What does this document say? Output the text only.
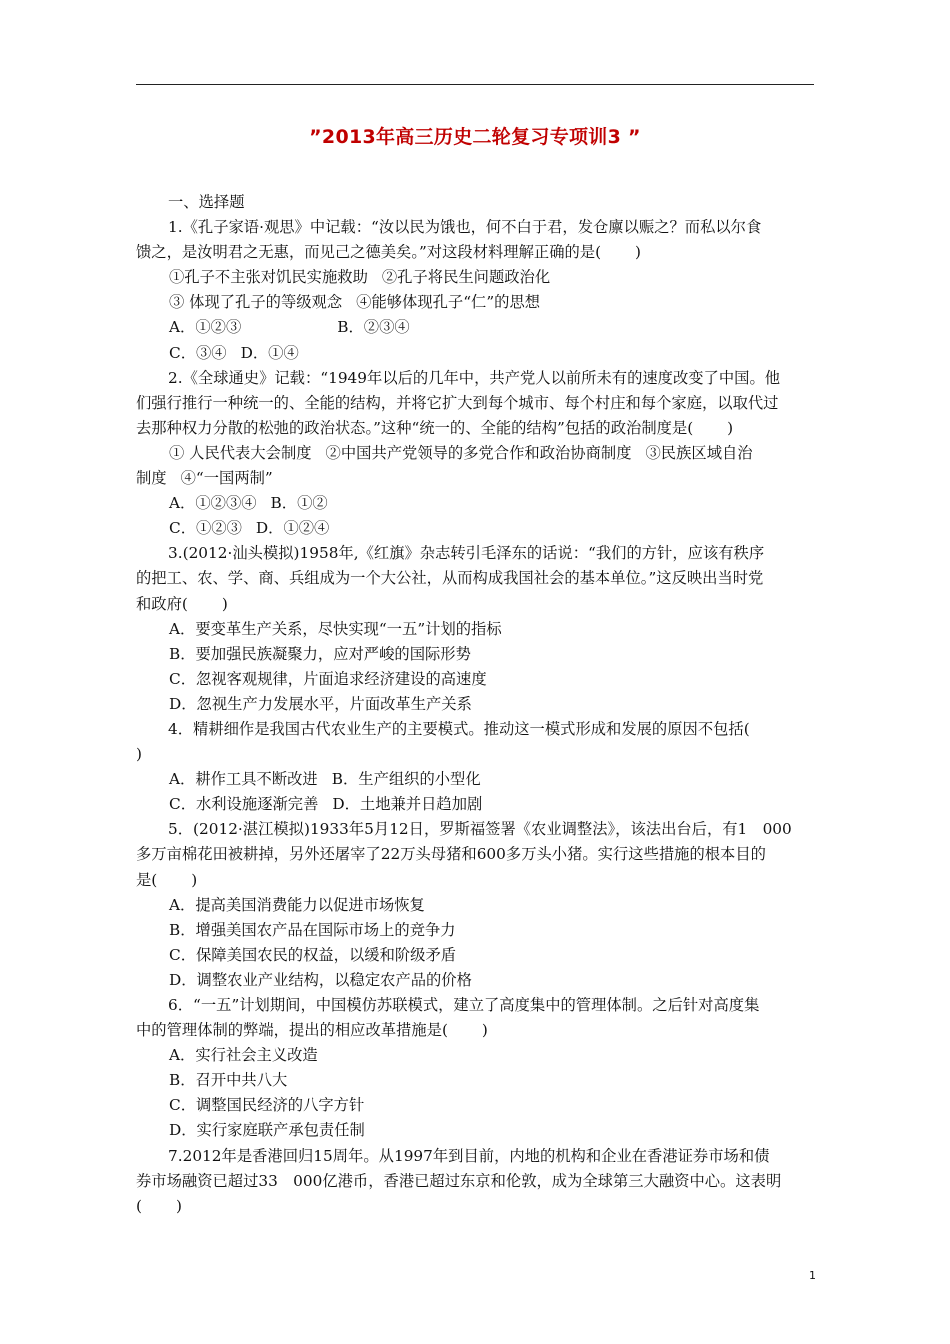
”2013年高三历史二轮复习专项训3 ”

一、选择题

1.《孔子家语·观思》中记载：“汝以民为饿也，何不白于君，发仓廪以赈之？而私以尔食

馈之，是汝明君之无惠，而见己之德美矣。”对这段材料理解正确的是( )

①孔子不主张对饥民实施救助 ②孔子将民生问题政治化

③ 体现了孔子的等级观念 ④能够体现孔子“仁”的思想

A．①②③	B．②③④

C．③④ D．①④

2.《全球通史》记载：“1949年以后的几年中，共产党人以前所未有的速度改变了中国。他

们强行推行一种统一的、全能的结构，并将它扩大到每个城市、每个村庄和每个家庭，以取代过

去那种权力分散的松弛的政治状态。”这种“统一的、全能的结构”包括的政治制度是( )

① 人民代表大会制度 ②中国共产党领导的多党合作和政治协商制度 ③民族区域自治

制度 ④“一国两制”

A．①②③④ B．①②

C．①②③ D．①②④

3.(2012·汕头模拟)1958年,《红旗》杂志转引毛泽东的话说：“我们的方针，应该有秩序

的把工、农、学、商、兵组成为一个大公社，从而构成我国社会的基本单位。”这反映出当时党

和政府( )

A．要变革生产关系，尽快实现“一五”计划的指标

B．要加强民族凝聚力，应对严峻的国际形势

C．忽视客观规律，片面追求经济建设的高速度

D．忽视生产力发展水平，片面改革生产关系

4．精耕细作是我国古代农业生产的主要模式。推动这一模式形成和发展的原因不包括(

)

A．耕作工具不断改进 B．生产组织的小型化

C．水利设施逐渐完善 D．土地兼并日趋加剧

5．(2012·湛江模拟)1933年5月12日，罗斯福签署《农业调整法》，该法出台后，有1　000

多万亩棉花田被耕掉，另外还屠宰了22万头母猪和600多万头小猪。实行这些措施的根本目的

是( )

A．提高美国消费能力以促进市场恢复

B．增强美国农产品在国际市场上的竞争力

C．保障美国农民的权益，以缓和阶级矛盾

D．调整农业产业结构，以稳定农产品的价格

6．“一五”计划期间，中国模仿苏联模式，建立了高度集中的管理体制。之后针对高度集

中的管理体制的弊端，提出的相应改革措施是( )

A．实行社会主义改造

B．召开中共八大

C．调整国民经济的八字方针

D．实行家庭联产承包责任制

7.2012年是香港回归15周年。从1997年到目前，内地的机构和企业在香港证券市场和债

券市场融资已超过33　000亿港币，香港已超过东京和伦敦，成为全球第三大融资中心。这表明

( )

1
